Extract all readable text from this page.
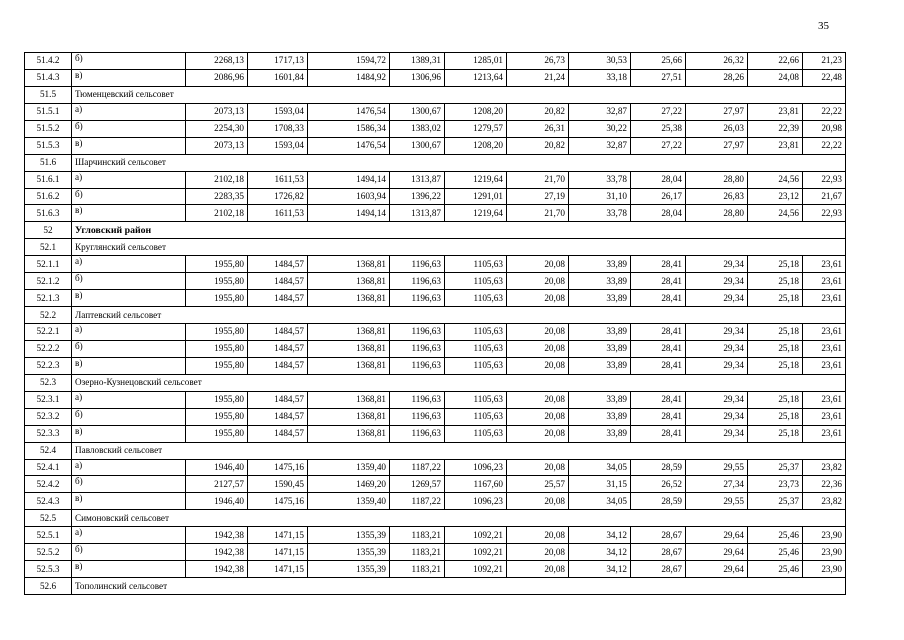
35
51.4.2	б)	2268,13	1717,13	1594,72	1389,31	1285,01	26,73	30,53	25,66	26,32	22,66	21,23
51.4.3	в)	2086,96	1601,84	1484,92	1306,96	1213,64	21,24	33,18	27,51	28,26	24,08	22,48
51.5	Тюменцевский сельсовет											
51.5.1	а)	2073,13	1593,04	1476,54	1300,67	1208,20	20,82	32,87	27,22	27,97	23,81	22,22
51.5.2	б)	2254,30	1708,33	1586,34	1383,02	1279,57	26,31	30,22	25,38	26,03	22,39	20,98
51.5.3	в)	2073,13	1593,04	1476,54	1300,67	1208,20	20,82	32,87	27,22	27,97	23,81	22,22
51.6	Шарчинский сельсовет											
51.6.1	а)	2102,18	1611,53	1494,14	1313,87	1219,64	21,70	33,78	28,04	28,80	24,56	22,93
51.6.2	б)	2283,35	1726,82	1603,94	1396,22	1291,01	27,19	31,10	26,17	26,83	23,12	21,67
51.6.3	в)	2102,18	1611,53	1494,14	1313,87	1219,64	21,70	33,78	28,04	28,80	24,56	22,93
52	Угловский район											
52.1	Круглянский сельсовет											
52.1.1	а)	1955,80	1484,57	1368,81	1196,63	1105,63	20,08	33,89	28,41	29,34	25,18	23,61
52.1.2	б)	1955,80	1484,57	1368,81	1196,63	1105,63	20,08	33,89	28,41	29,34	25,18	23,61
52.1.3	в)	1955,80	1484,57	1368,81	1196,63	1105,63	20,08	33,89	28,41	29,34	25,18	23,61
52.2	Лаптевский сельсовет											
52.2.1	а)	1955,80	1484,57	1368,81	1196,63	1105,63	20,08	33,89	28,41	29,34	25,18	23,61
52.2.2	б)	1955,80	1484,57	1368,81	1196,63	1105,63	20,08	33,89	28,41	29,34	25,18	23,61
52.2.3	в)	1955,80	1484,57	1368,81	1196,63	1105,63	20,08	33,89	28,41	29,34	25,18	23,61
52.3	Озерно-Кузнецовский сельсовет											
52.3.1	а)	1955,80	1484,57	1368,81	1196,63	1105,63	20,08	33,89	28,41	29,34	25,18	23,61
52.3.2	б)	1955,80	1484,57	1368,81	1196,63	1105,63	20,08	33,89	28,41	29,34	25,18	23,61
52.3.3	в)	1955,80	1484,57	1368,81	1196,63	1105,63	20,08	33,89	28,41	29,34	25,18	23,61
52.4	Павловский сельсовет											
52.4.1	а)	1946,40	1475,16	1359,40	1187,22	1096,23	20,08	34,05	28,59	29,55	25,37	23,82
52.4.2	б)	2127,57	1590,45	1469,20	1269,57	1167,60	25,57	31,15	26,52	27,34	23,73	22,36
52.4.3	в)	1946,40	1475,16	1359,40	1187,22	1096,23	20,08	34,05	28,59	29,55	25,37	23,82
52.5	Симоновский сельсовет											
52.5.1	а)	1942,38	1471,15	1355,39	1183,21	1092,21	20,08	34,12	28,67	29,64	25,46	23,90
52.5.2	б)	1942,38	1471,15	1355,39	1183,21	1092,21	20,08	34,12	28,67	29,64	25,46	23,90
52.5.3	в)	1942,38	1471,15	1355,39	1183,21	1092,21	20,08	34,12	28,67	29,64	25,46	23,90
52.6	Тополинский сельсовет											
